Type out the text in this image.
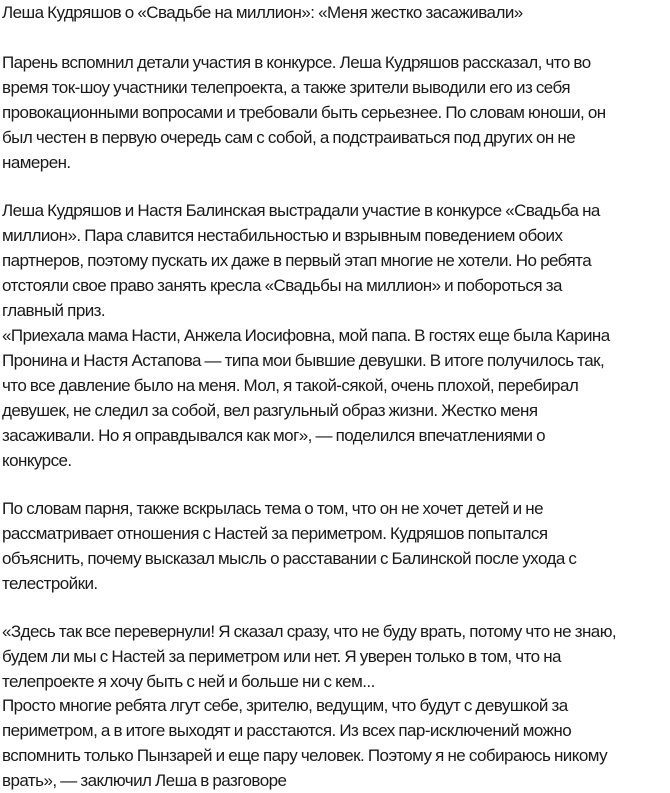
Леша Кудряшов о «Свадьбе на миллион»: «Меня жестко засаживали»

Парень вспомнил детали участия в конкурсе. Леша Кудряшов рассказал, что во
время ток-шоу участники телепроекта, а также зрители выводили его из себя
провокационными вопросами и требовали быть серьезнее. По словам юноши, он
был честен в первую очередь сам с собой, а подстраиваться под других он не
намерен.

Леша Кудряшов и Настя Балинская выстрадали участие в конкурсе «Свадьба на
миллион». Пара славится нестабильностью и взрывным поведением обоих
партнеров, поэтому пускать их даже в первый этап многие не хотели. Но ребята
отстояли свое право занять кресла «Свадьбы на миллион» и побороться за
главный приз.

«Приехала мама Насти, Анжела Иосифовна, мой папа. В гостях еще была Карина
Пронина и Настя Астапова — типа мои бывшие девушки. В итоге получилось так,
что все давление было на меня. Мол, я такой-сякой, очень плохой, перебирал
девушек, не следил за собой, вел разгульный образ жизни. Жестко меня
засаживали. Но я оправдывался как мог», — поделился впечатлениями о
конкурсе.

По словам парня, также вскрылась тема о том, что он не хочет детей и не
рассматривает отношения с Настей за периметром. Кудряшов попытался
объяснить, почему высказал мысль о расставании с Балинской после ухода с
телестройки.

«Здесь так все перевернули! Я сказал сразу, что не буду врать, потому что не знаю,
будем ли мы с Настей за периметром или нет. Я уверен только в том, что на
телепроекте я хочу быть с ней и больше ни с кем...

Просто многие ребята лгут себе, зрителю, ведущим, что будут с девушкой за
периметром, а в итоге выходят и расстаются. Из всех пар-исключений можно
вспомнить только Пынзарей и еще пару человек. Поэтому я не собираюсь никому
врать», — заключил Леша в разговоре
